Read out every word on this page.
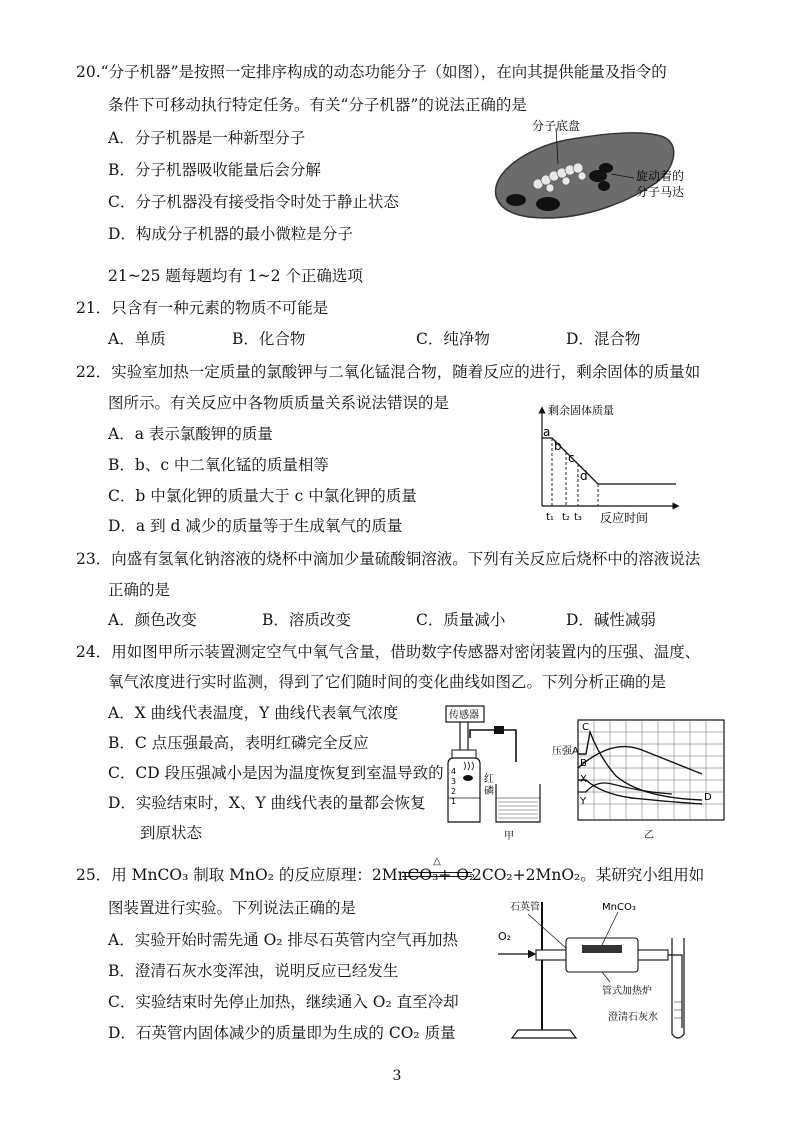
20.“分子机器”是按照一定排序构成的动态功能分子（如图），在向其提供能量及指令的
条件下可移动执行特定任务。有关“分子机器”的说法正确的是
A．分子机器是一种新型分子
B．分子机器吸收能量后会分解
C．分子机器没有接受指令时处于静止状态
D．构成分子机器的最小微粒是分子
分子底盘
旋动着的
分子马达
21~25 题每题均有 1~2 个正确选项
21．只含有一种元素的物质不可能是
A．单质	B．化合物	C．纯净物	D．混合物
22．实验室加热一定质量的氯酸钾与二氧化锰混合物，随着反应的进行，剩余固体的质量如
图所示。有关反应中各物质质量关系说法错误的是
A．a 表示氯酸钾的质量
B．b、c 中二氧化锰的质量相等
C．b 中氯化钾的质量大于 c 中氯化钾的质量
D．a 到 d 减少的质量等于生成氧气的质量
剩余固体质量
a
b
c
d
t₁ t₂ t₃ 反应时间
23．向盛有氢氧化钠溶液的烧杯中滴加少量硫酸铜溶液。下列有关反应后烧杯中的溶液说法
正确的是
A．颜色改变	B．溶质改变	C．质量减小	D．碱性减弱
24．用如图甲所示装置测定空气中氧气含量，借助数字传感器对密闭装置内的压强、温度、
氧气浓度进行实时监测，得到了它们随时间的变化曲线如图乙。下列分析正确的是
A．X 曲线代表温度，Y 曲线代表氧气浓度
B．C 点压强最高，表明红磷完全反应
C．CD 段压强减小是因为温度恢复到室温导致的
D．实验结束时，X、Y 曲线代表的量都会恢复
到原状态
传感器
4
3
2
1
红
磷
甲
压强A
C
B
X
Y	D
乙
25．用 MnCO₃ 制取 MnO₂ 的反应原理：2MnCO₃+ O₂
△
2CO₂+2MnO₂。某研究小组用如
图装置进行实验。下列说法正确的是
A．实验开始时需先通 O₂ 排尽石英管内空气再加热
B．澄清石灰水变浑浊，说明反应已经发生
C．实验结束时先停止加热，继续通入 O₂ 直至冷却
D．石英管内固体减少的质量即为生成的 CO₂ 质量
石英管	MnCO₃
O₂
管式加热炉
澄清石灰水
3
